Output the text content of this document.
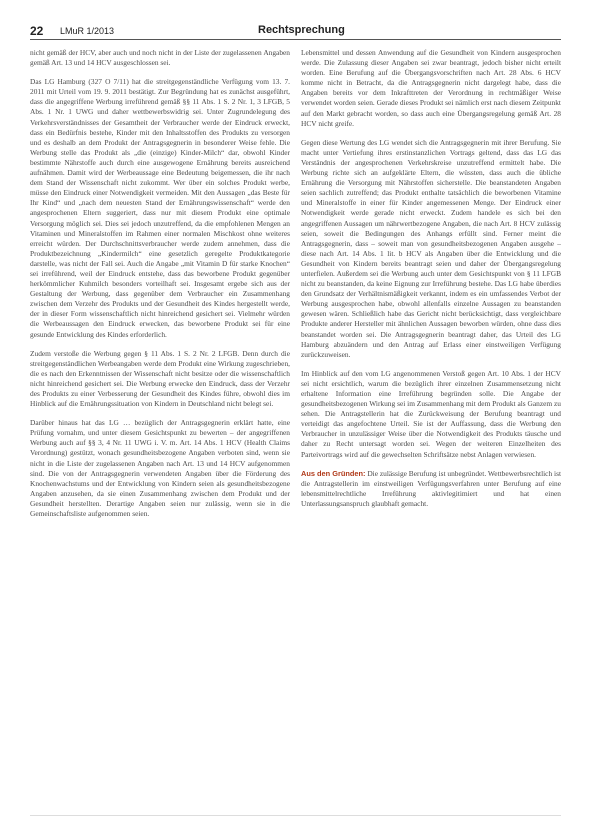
22 LMuR 1/2013	Rechtsprechung

nicht gemäß der HCV, aber auch und noch nicht in der Liste der zugelassenen Angaben gemäß Art. 13 und 14 HCV ausgeschlossen sei.

Das LG Hamburg (327 O 7/11) hat die streitgegenständliche Verfügung vom 13. 7. 2011 mit Urteil vom 19. 9. 2011 bestätigt. Zur Begründung hat es zunächst ausgeführt, dass die angegriffene Werbung irreführend gemäß §§ 11 Abs. 1 S. 2 Nr. 1, 3 LFGB, 5 Abs. 1 Nr. 1 UWG und daher wettbewerbswidrig sei. Unter Zugrundelegung des Verkehrsverständnisses der Gesamtheit der Verbraucher werde der Eindruck erweckt, dass ein Bedürfnis bestehe, Kinder mit den Inhaltsstoffen des Produkts zu versorgen und es deshalb an dem Produkt der Antragsgegnerin in besonderer Weise fehle. Die Werbung stelle das Produkt als „die (einzige) Kinder-Milch“ dar, obwohl Kinder bestimmte Nährstoffe auch durch eine ausgewogene Ernährung bereits ausreichend aufnähmen. Damit wird der Werbeaussage eine Bedeutung beigemessen, die ihr nach dem Stand der Wissenschaft nicht zukommt. Wer über ein solches Produkt werbe, müsse den Eindruck einer Notwendigkeit vermeiden. Mit den Aussagen „das Beste für Ihr Kind“ und „nach dem neuesten Stand der Ernährungswissenschaft“ werde den angesprochenen Eltern suggeriert, dass nur mit diesem Produkt eine optimale Versorgung möglich sei. Dies sei jedoch unzutreffend, da die empfohlenen Mengen an Vitaminen und Mineralstoffen im Rahmen einer normalen Mischkost ohne weiteres erreicht würden. Der Durchschnittsverbraucher werde zudem annehmen, dass die Produktbezeichnung „Kindermilch“ eine gesetzlich geregelte Produktkategorie darstelle, was nicht der Fall sei. Auch die Angabe „mit Vitamin D für starke Knochen“ sei irreführend, weil der Eindruck entstehe, dass das beworbene Produkt gegenüber herkömmlicher Kuhmilch besonders vorteilhaft sei. Insgesamt ergebe sich aus der Gestaltung der Werbung, dass gegenüber dem Verbraucher ein Zusammenhang zwischen dem Verzehr des Produkts und der Gesundheit des Kindes hergestellt werde, der in dieser Form wissenschaftlich nicht hinreichend gesichert sei. Vielmehr würden die Werbeaussagen den Eindruck erwecken, das beworbene Produkt sei für eine gesunde Entwicklung des Kindes erforderlich.

Zudem verstoße die Werbung gegen § 11 Abs. 1 S. 2 Nr. 2 LFGB. Denn durch die streitgegenständlichen Werbeangaben werde dem Produkt eine Wirkung zugeschrieben, die es nach den Erkenntnissen der Wissenschaft nicht besitze oder die wissenschaftlich nicht hinreichend gesichert sei. Die Werbung erwecke den Eindruck, dass der Verzehr des Produkts zu einer Verbesserung der Gesundheit des Kindes führe, obwohl dies im Hinblick auf die Ernährungssituation von Kindern in Deutschland nicht belegt sei.

Darüber hinaus hat das LG … bezüglich der Antragsgegnerin erklärt hatte, eine Prüfung vornahm, und unter diesem Gesichtspunkt zu bewerten – der angegriffenen Werbung auch auf §§ 3, 4 Nr. 11 UWG i. V. m. Art. 14 Abs. 1 HCV (Health Claims Verordnung) gestützt, wonach gesundheitsbezogene Angaben verboten sind, wenn sie nicht in die Liste der zugelassenen Angaben nach Art. 13 und 14 HCV aufgenommen sind. Die von der Antragsgegnerin verwendeten Angaben über die Förderung des Knochenwachstums und der Entwicklung von Kindern seien als gesundheitsbezogene Angaben anzusehen, da sie einen Zusammenhang zwischen dem Produkt und der Gesundheit herstellten. Derartige Angaben seien nur zulässig, wenn sie in die Gemeinschaftsliste aufgenommen seien.

Lebensmittel und dessen Anwendung auf die Gesundheit von Kindern ausgesprochen werde. Die Zulassung dieser Angaben sei zwar beantragt, jedoch bisher nicht erteilt worden. Eine Berufung auf die Übergangsvorschriften nach Art. 28 Abs. 6 HCV komme nicht in Betracht, da die Antragsgegnerin nicht dargelegt habe, dass die Angaben bereits vor dem Inkrafttreten der Verordnung in rechtmäßiger Weise verwendet worden seien. Gerade dieses Produkt sei nämlich erst nach diesem Zeitpunkt auf den Markt gebracht worden, so dass auch eine Übergangsregelung gemäß Art. 28 HCV nicht greife.

Gegen diese Wertung des LG wendet sich die Antragsgegnerin mit ihrer Berufung. Sie macht unter Vertiefung ihres erstinstanzlichen Vortrags geltend, dass das LG das Verständnis der angesprochenen Verkehrskreise unzutreffend ermittelt habe. Die Werbung richte sich an aufgeklärte Eltern, die wüssten, dass auch die übliche Ernährung die Versorgung mit Nährstoffen sicherstelle. Die beanstandeten Angaben seien sachlich zutreffend; das Produkt enthalte tatsächlich die beworbenen Vitamine und Mineralstoffe in einer für Kinder angemessenen Menge. Der Eindruck einer Notwendigkeit werde gerade nicht erweckt. Zudem handele es sich bei den angegriffenen Aussagen um nährwertbezogene Angaben, die nach Art. 8 HCV zulässig seien, soweit die Bedingungen des Anhangs erfüllt sind. Ferner meint die Antragsgegnerin, dass – soweit man von gesundheitsbezogenen Angaben ausgehe – diese nach Art. 14 Abs. 1 lit. b HCV als Angaben über die Entwicklung und die Gesundheit von Kindern bereits beantragt seien und daher der Übergangsregelung unterfielen. Außerdem sei die Werbung auch unter dem Gesichtspunkt von § 11 LFGB nicht zu beanstanden, da keine Eignung zur Irreführung bestehe. Das LG habe überdies den Grundsatz der Verhältnismäßigkeit verkannt, indem es ein umfassendes Verbot der Werbung ausgesprochen habe, obwohl allenfalls einzelne Aussagen zu beanstanden gewesen wären. Schließlich habe das Gericht nicht berücksichtigt, dass vergleichbare Produkte anderer Hersteller mit ähnlichen Aussagen beworben würden, ohne dass dies beanstandet worden sei. Die Antragsgegnerin beantragt daher, das Urteil des LG Hamburg abzuändern und den Antrag auf Erlass einer einstweiligen Verfügung zurückzuweisen.

Im Hinblick auf den vom LG angenommenen Verstoß gegen Art. 10 Abs. 1 der HCV sei nicht ersichtlich, warum die bezüglich ihrer einzelnen Zusammensetzung nicht erhaltene Information eine Irreführung begründen solle. Die Angabe der gesundheitsbezogenen Wirkung sei im Zusammenhang mit dem Produkt als Ganzem zu sehen. Die Antragstellerin hat die Zurückweisung der Berufung beantragt und verteidigt das angefochtene Urteil. Sie ist der Auffassung, dass die Werbung den Verbraucher in unzulässiger Weise über die Notwendigkeit des Produkts täusche und daher zu Recht untersagt worden sei. Wegen der weiteren Einzelheiten des Parteivortrags wird auf die gewechselten Schriftsätze nebst Anlagen verwiesen.

Aus den Gründen: Die zulässige Berufung ist unbegründet. Wettbewerbsrechtlich ist die Antragstellerin im einstweiligen Verfügungsverfahren unter Berufung auf eine lebensmittelrechtliche Irreführung aktivlegitimiert und hat einen Unterlassungsanspruch glaubhaft gemacht.
